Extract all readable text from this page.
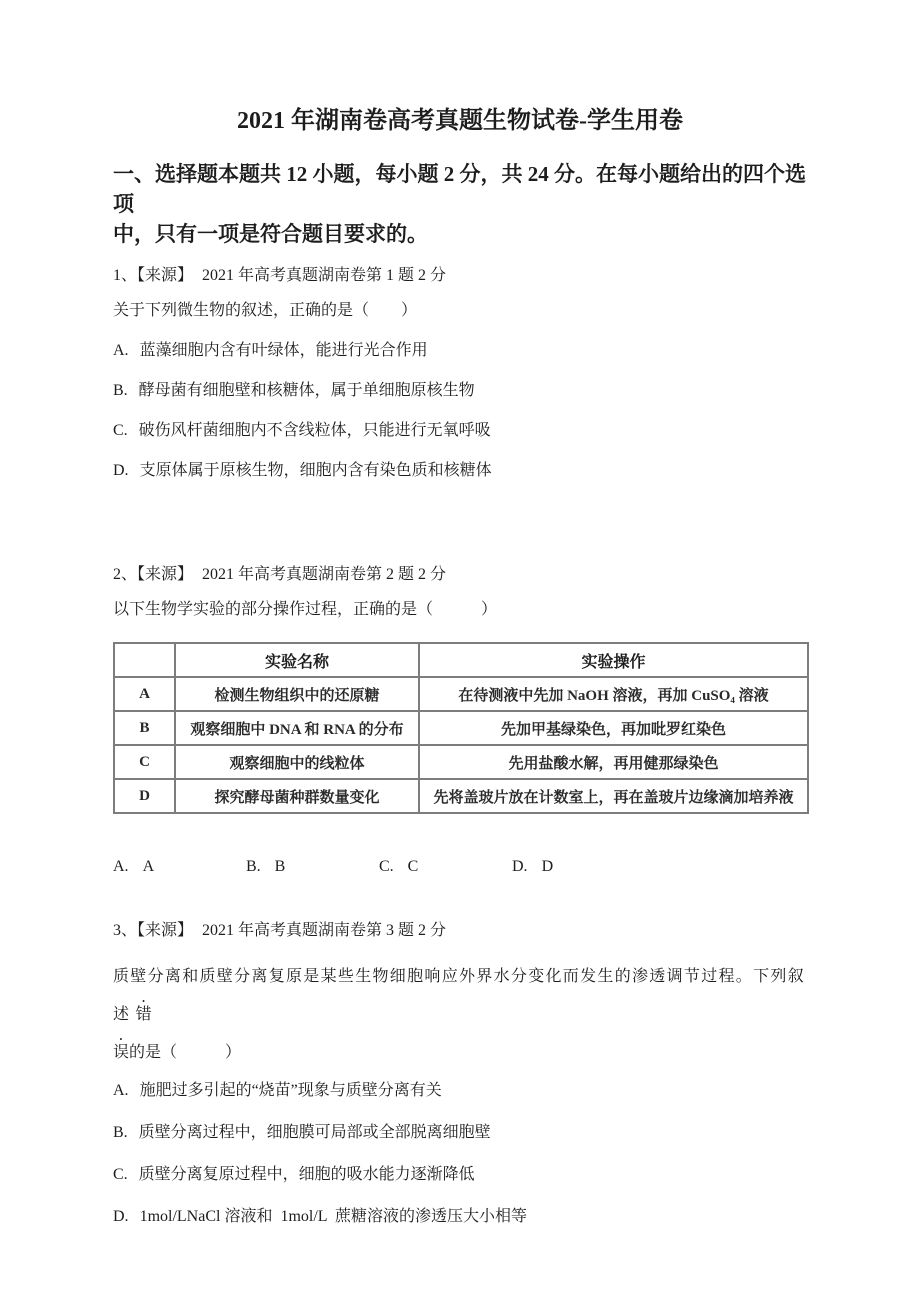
2021 年湖南卷高考真题生物试卷-学生用卷
一、选择题本题共 12 小题，每小题 2 分，共 24 分。在每小题给出的四个选项
中，只有一项是符合题目要求的。
1、【来源】 2021 年高考真题湖南卷第 1 题 2 分
关于下列微生物的叙述，正确的是（　　）
A. 蓝藻细胞内含有叶绿体，能进行光合作用
B. 酵母菌有细胞壁和核糖体，属于单细胞原核生物
C. 破伤风杆菌细胞内不含线粒体，只能进行无氧呼吸
D. 支原体属于原核生物，细胞内含有染色质和核糖体
2、【来源】 2021 年高考真题湖南卷第 2 题 2 分
以下生物学实验的部分操作过程，正确的是（　　　）
	实验名称	实验操作
A	检测生物组织中的还原糖	在待测液中先加 NaOH 溶液，再加 CuSO₄ 溶液
B	观察细胞中 DNA 和 RNA 的分布	先加甲基绿染色，再加吡罗红染色
C	观察细胞中的线粒体	先用盐酸水解，再用健那绿染色
D	探究酵母菌种群数量变化	先将盖玻片放在计数室上，再在盖玻片边缘滴加培养液
A. A	B. B	C. C	D. D
3、【来源】 2021 年高考真题湖南卷第 3 题 2 分
质壁分离和质壁分离复原是某些生物细胞响应外界水分变化而发生的渗透调节过程。下列叙述 错
误的是（　　　）
A. 施肥过多引起的“烧苗”现象与质壁分离有关
B. 质壁分离过程中，细胞膜可局部或全部脱离细胞壁
C. 质壁分离复原过程中，细胞的吸水能力逐渐降低
D. 1mol/LNaCl 溶液和  1mol/L  蔗糖溶液的渗透压大小相等
